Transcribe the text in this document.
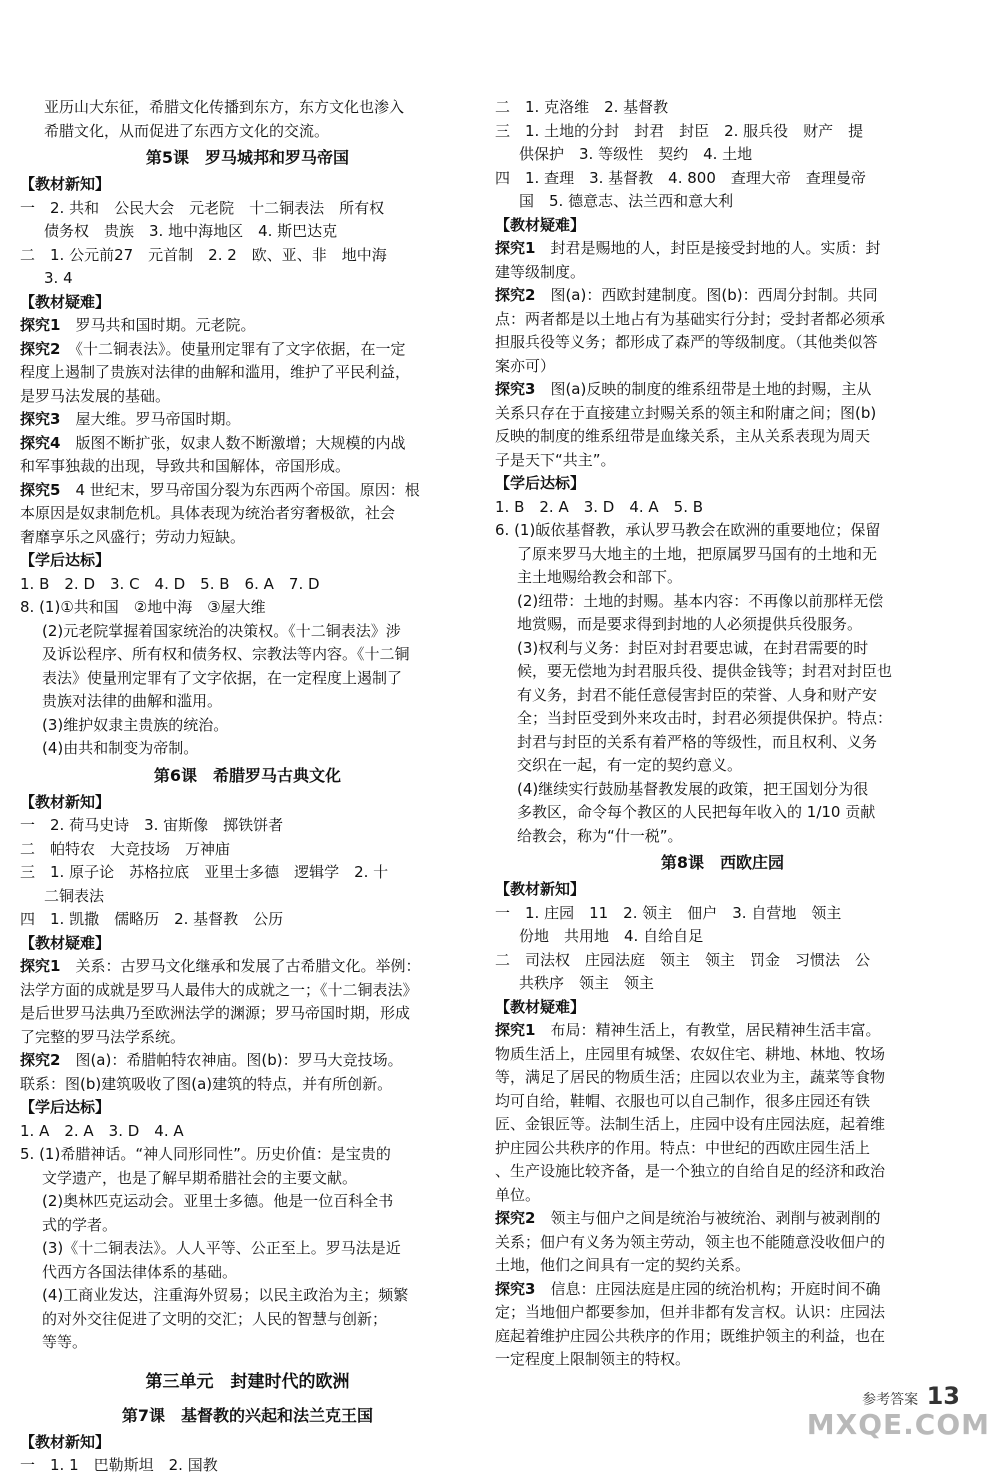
亚历山大东征，希腊文化传播到东方，东方文化也渗入

希腊文化，从而促进了东西方文化的交流。

第5课　罗马城邦和罗马帝国

【教材新知】

一　2. 共和　公民大会　元老院　十二铜表法　所有权

债务权　贵族　3. 地中海地区　4. 斯巴达克

二　1. 公元前27　元首制　2. 2　欧、亚、非　地中海

3. 4

【教材疑难】

探究1　 罗马共和国时期。元老院。

探究2　 《十二铜表法》。使量刑定罪有了文字依据，在一定

程度上遏制了贵族对法律的曲解和滥用，维护了平民利益，

是罗马法发展的基础。

探究3　 屋大维。罗马帝国时期。

探究4　 版图不断扩张，奴隶人数不断激增；大规模的内战

和军事独裁的出现，导致共和国解体，帝国形成。

探究5　 4 世纪末，罗马帝国分裂为东西两个帝国。原因：根

本原因是奴隶制危机。具体表现为统治者穷奢极欲，社会

奢靡享乐之风盛行；劳动力短缺。

【学后达标】

1. B　2. D　3. C　4. D　5. B　6. A　7. D

8. (1)①共和国　②地中海　③屋大维

(2)元老院掌握着国家统治的决策权。《十二铜表法》涉

及诉讼程序、所有权和债务权、宗教法等内容。《十二铜

表法》使量刑定罪有了文字依据，在一定程度上遏制了

贵族对法律的曲解和滥用。

(3)维护奴隶主贵族的统治。

(4)由共和制变为帝制。

第6课　希腊罗马古典文化

【教材新知】

一　2. 荷马史诗　3. 宙斯像　掷铁饼者

二　帕特农　大竞技场　万神庙

三　1. 原子论　苏格拉底　亚里士多德　逻辑学　2. 十

二铜表法

四　1. 凯撒　儒略历　2. 基督教　公历

【教材疑难】

探究1　 关系：古罗马文化继承和发展了古希腊文化。举例：

法学方面的成就是罗马人最伟大的成就之一；《十二铜表法》

是后世罗马法典乃至欧洲法学的渊源；罗马帝国时期，形成

了完整的罗马法学系统。

探究2　 图(a)：希腊帕特农神庙。图(b)：罗马大竞技场。

联系：图(b)建筑吸收了图(a)建筑的特点，并有所创新。

【学后达标】

1. A　2. A　3. D　4. A

5. (1)希腊神话。“神人同形同性”。历史价值：是宝贵的

文学遗产，也是了解早期希腊社会的主要文献。

(2)奥林匹克运动会。亚里士多德。他是一位百科全书

式的学者。

(3)《十二铜表法》。人人平等、公正至上。罗马法是近

代西方各国法律体系的基础。

(4)工商业发达，注重海外贸易；以民主政治为主；频繁

的对外交往促进了文明的交汇；人民的智慧与创新；

等等。

第三单元　封建时代的欧洲
第7课　基督教的兴起和法兰克王国

【教材新知】

一　1. 1　巴勒斯坦　2. 国教

二　1. 克洛维　2. 基督教

三　1. 土地的分封　封君　封臣　2. 服兵役　财产　提

供保护　3. 等级性　契约　4. 土地

四　1. 查理　3. 基督教　4. 800　查理大帝　查理曼帝

国　5. 德意志、法兰西和意大利

【教材疑难】

探究1　 封君是赐地的人，封臣是接受封地的人。实质：封

建等级制度。

探究2　 图(a)：西欧封建制度。图(b)：西周分封制。共同

点：两者都是以土地占有为基础实行分封；受封者都必须承

担服兵役等义务；都形成了森严的等级制度。（其他类似答

案亦可）

探究3　 图(a)反映的制度的维系纽带是土地的封赐，主从

关系只存在于直接建立封赐关系的领主和附庸之间；图(b)

反映的制度的维系纽带是血缘关系，主从关系表现为周天

子是天下“共主”。

【学后达标】

1. B　2. A　3. D　4. A　5. B

6. (1)皈依基督教，承认罗马教会在欧洲的重要地位；保留

了原来罗马大地主的土地，把原属罗马国有的土地和无

主土地赐给教会和部下。

(2)纽带：土地的封赐。基本内容：不再像以前那样无偿

地赏赐，而是要求得到封地的人必须提供兵役服务。

(3)权利与义务：封臣对封君要忠诚，在封君需要的时

候，要无偿地为封君服兵役、提供金钱等；封君对封臣也

有义务，封君不能任意侵害封臣的荣誉、人身和财产安

全；当封臣受到外来攻击时，封君必须提供保护。特点：

封君与封臣的关系有着严格的等级性，而且权利、义务

交织在一起，有一定的契约意义。

(4)继续实行鼓励基督教发展的政策，把王国划分为很

多教区，命令每个教区的人民把每年收入的 1/10 贡献

给教会，称为“什一税”。

第8课　西欧庄园

【教材新知】

一　1. 庄园　11　2. 领主　佃户　3. 自营地　领主

份地　共用地　4. 自给自足

二　司法权　庄园法庭　领主　领主　罚金　习惯法　公

共秩序　领主　领主

【教材疑难】

探究1　 布局：精神生活上，有教堂，居民精神生活丰富。

物质生活上，庄园里有城堡、农奴住宅、耕地、林地、牧场

等，满足了居民的物质生活；庄园以农业为主，蔬菜等食物

均可自给，鞋帽、衣服也可以自己制作，很多庄园还有铁

匠、金银匠等。法制生活上，庄园中设有庄园法庭，起着维

护庄园公共秩序的作用。特点：中世纪的西欧庄园生活上

、生产设施比较齐备，是一个独立的自给自足的经济和政治

单位。

探究2　 领主与佃户之间是统治与被统治、剥削与被剥削的

关系；佃户有义务为领主劳动，领主也不能随意没收佃户的

土地，他们之间具有一定的契约关系。

探究3　 信息：庄园法庭是庄园的统治机构；开庭时间不确

定；当地佃户都要参加，但并非都有发言权。认识：庄园法

庭起着维护庄园公共秩序的作用；既维护领主的利益，也在

一定程度上限制领主的特权。

参考答案 13
MXQE.COM
